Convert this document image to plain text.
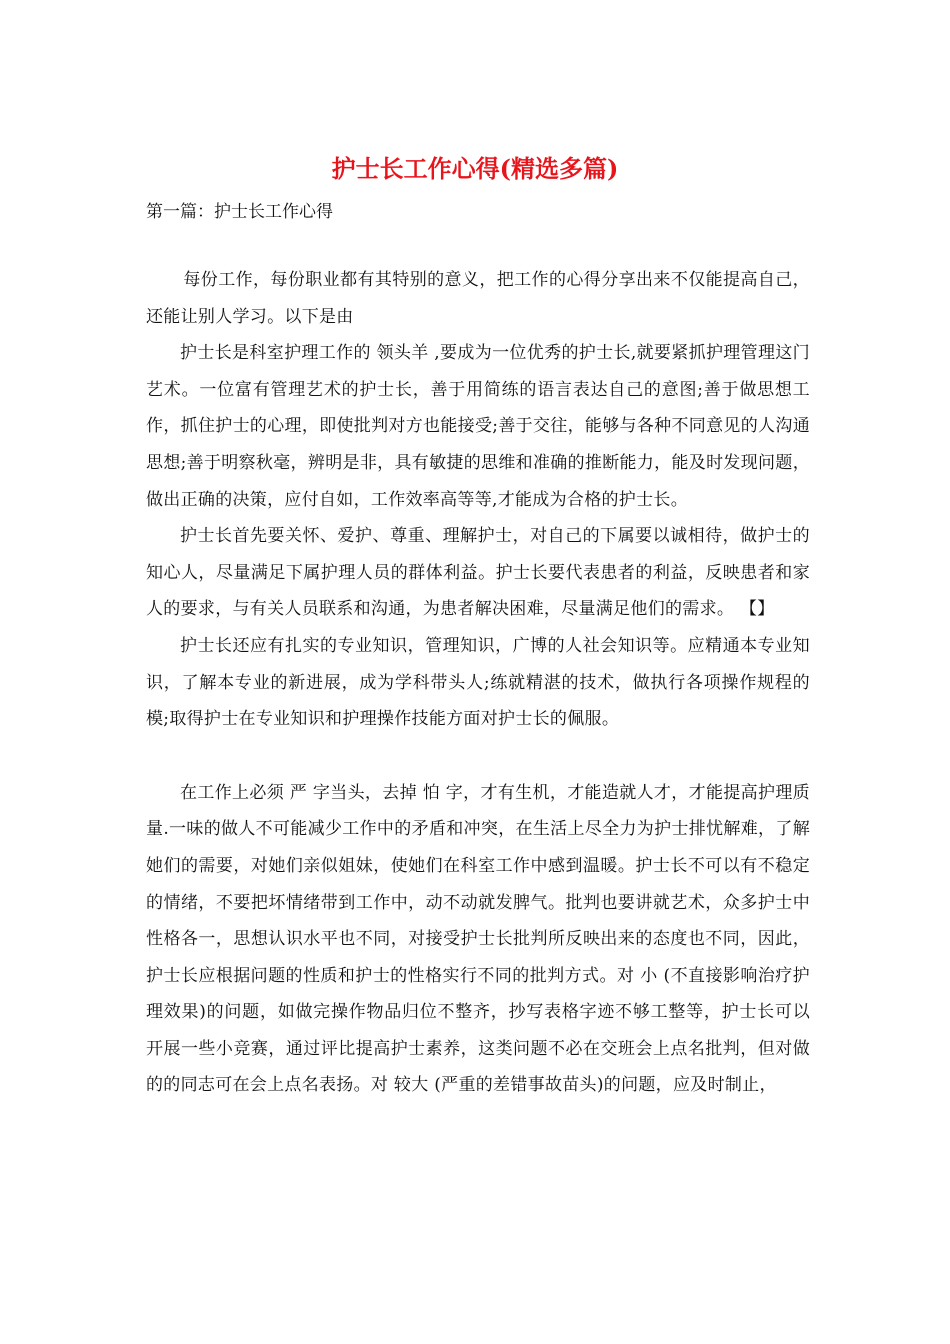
护士长工作心得(精选多篇)
第一篇：护士长工作心得

每份工作，每份职业都有其特别的意义，把工作的心得分享出来不仅能提高自己，还能让别人学习。以下是由

护士长是科室护理工作的 领头羊 ,要成为一位优秀的护士长,就要紧抓护理管理这门艺术。一位富有管理艺术的护士长，善于用简练的语言表达自己的意图;善于做思想工作，抓住护士的心理，即使批判对方也能接受;善于交往，能够与各种不同意见的人沟通思想;善于明察秋毫，辨明是非，具有敏捷的思维和准确的推断能力，能及时发现问题，做出正确的决策，应付自如，工作效率高等等,才能成为合格的护士长。

护士长首先要关怀、爱护、尊重、理解护士，对自己的下属要以诚相待，做护士的知心人，尽量满足下属护理人员的群体利益。护士长要代表患者的利益，反映患者和家人的要求，与有关人员联系和沟通，为患者解决困难，尽量满足他们的需求。 【】

护士长还应有扎实的专业知识，管理知识，广博的人社会知识等。应精通本专业知识，了解本专业的新进展，成为学科带头人;练就精湛的技术，做执行各项操作规程的模;取得护士在专业知识和护理操作技能方面对护士长的佩服。

在工作上必须 严 字当头，去掉 怕 字，才有生机，才能造就人才，才能提高护理质量.一味的做人不可能减少工作中的矛盾和冲突，在生活上尽全力为护士排忧解难，了解她们的需要，对她们亲似姐妹，使她们在科室工作中感到温暖。护士长不可以有不稳定的情绪，不要把坏情绪带到工作中，动不动就发脾气。批判也要讲就艺术，众多护士中性格各一，思想认识水平也不同，对接受护士长批判所反映出来的态度也不同，因此，护士长应根据问题的性质和护士的性格实行不同的批判方式。对 小 (不直接影响治疗护理效果)的问题，如做完操作物品归位不整齐，抄写表格字迹不够工整等，护士长可以开展一些小竞赛，通过评比提高护士素养，这类问题不必在交班会上点名批判，但对做的的同志可在会上点名表扬。对 较大 (严重的差错事故苗头)的问题，应及时制止，
